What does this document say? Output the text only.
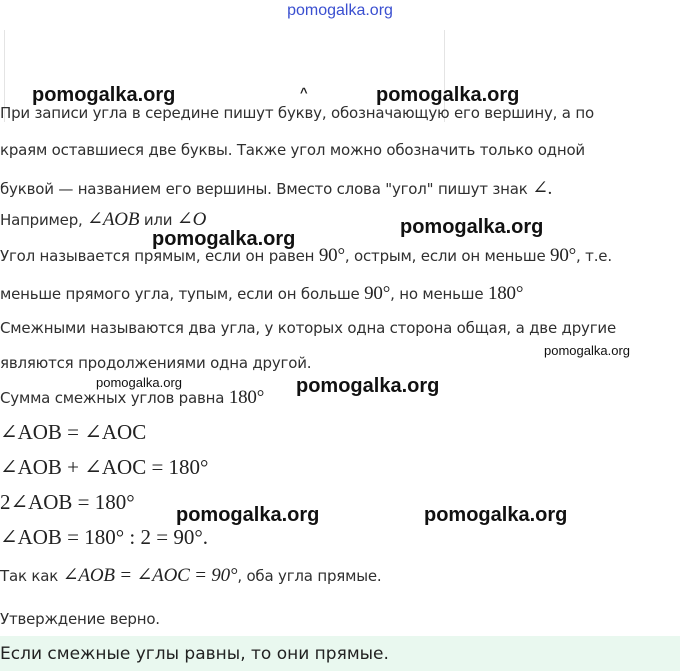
pomogalka.org
^
При записи угла в середине пишут букву, обозначающую его вершину, а по
краям оставшиеся две буквы. Также угол можно обозначить только одной
буквой — названием его вершины. Вместо слова "угол" пишут знак ∠.
Например, ∠AOB или ∠O
Угол называется прямым, если он равен 90°, острым, если он меньше 90°, т.е.
меньше прямого угла, тупым, если он больше 90°, но меньше 180°
Смежными называются два угла, у которых одна сторона общая, а две другие
являются продолжениями одна другой.
Сумма смежных углов равна 180°
∠AOB = ∠AOC
∠AOB + ∠AOC = 180°
2∠AOB = 180°
∠AOB = 180° : 2 = 90°.
Так как ∠AOB = ∠AOC = 90°, оба угла прямые.
Утверждение верно.
Если смежные углы равны, то они прямые.
pomogalka.org	pomogalka.org
pomogalka.org
pomogalka.org
pomogalka.org
pomogalka.org	pomogalka.org
pomogalka.org	pomogalka.org
